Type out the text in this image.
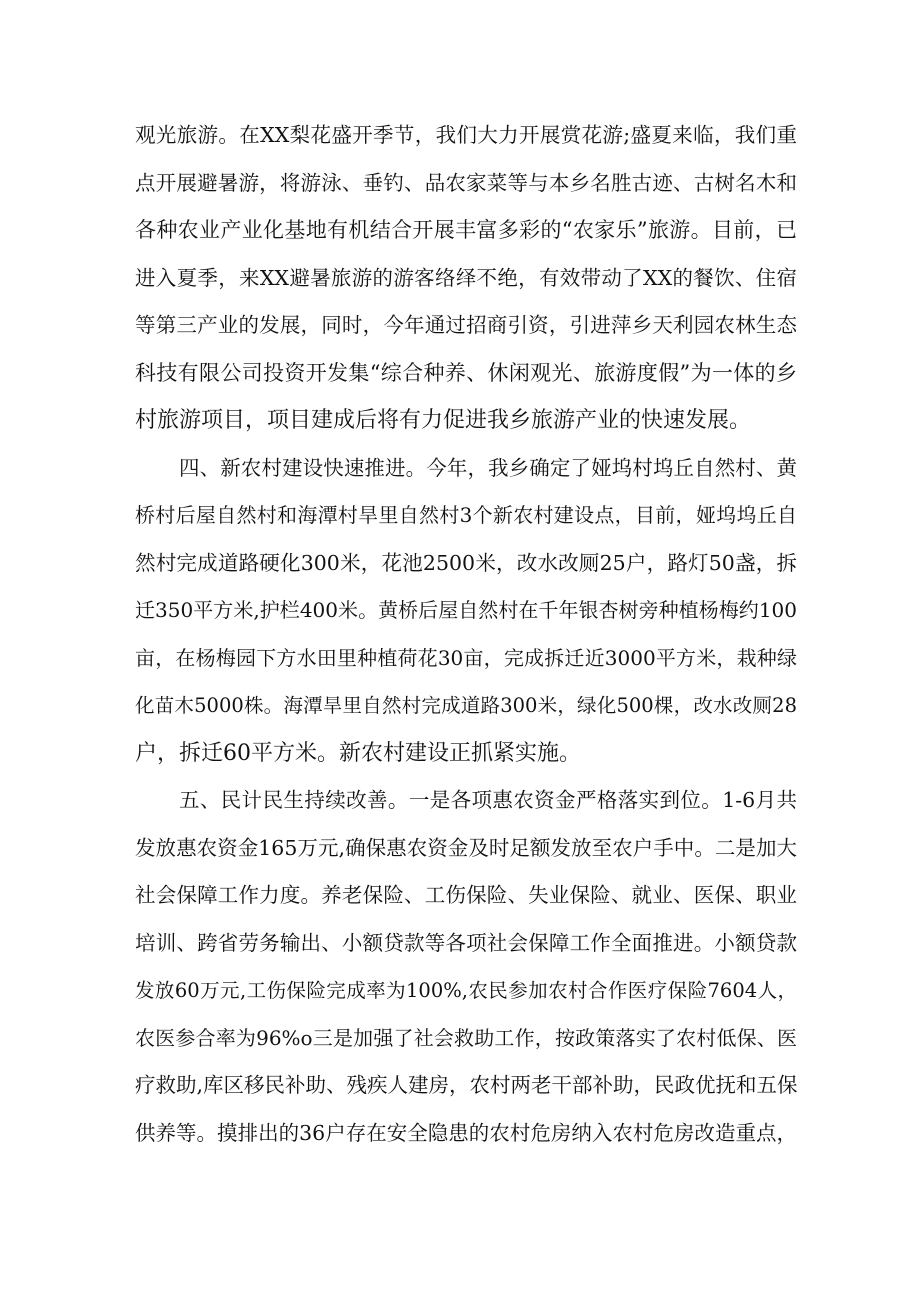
观光旅游。在XX梨花盛开季节，我们大力开展赏花游;盛夏来临，我们重
点开展避暑游，将游泳、垂钓、品农家菜等与本乡名胜古迹、古树名木和
各种农业产业化基地有机结合开展丰富多彩的“农家乐”旅游。目前，已
进入夏季，来XX避暑旅游的游客络绎不绝，有效带动了XX的餐饮、住宿
等第三产业的发展，同时，今年通过招商引资，引进萍乡天利园农林生态
科技有限公司投资开发集“综合种养、休闲观光、旅游度假”为一体的乡
村旅游项目，项目建成后将有力促进我乡旅游产业的快速发展。
四、新农村建设快速推进。今年，我乡确定了娅坞村坞丘自然村、黄
桥村后屋自然村和海潭村旱里自然村3个新农村建设点，目前，娅坞坞丘自
然村完成道路硬化300米，花池2500米，改水改厕25户，路灯50盏，拆
迁350平方米,护栏400米。黄桥后屋自然村在千年银杏树旁种植杨梅约100
亩，在杨梅园下方水田里种植荷花30亩，完成拆迁近3000平方米，栽种绿
化苗木5000株。海潭旱里自然村完成道路300米，绿化500棵，改水改厕28
户，拆迁60平方米。新农村建设正抓紧实施。
五、民计民生持续改善。一是各项惠农资金严格落实到位。1-6月共
发放惠农资金165万元,确保惠农资金及时足额发放至农户手中。二是加大
社会保障工作力度。养老保险、工伤保险、失业保险、就业、医保、职业
培训、跨省劳务输出、小额贷款等各项社会保障工作全面推进。小额贷款
发放60万元,工伤保险完成率为100%,农民参加农村合作医疗保险7604人，
农医参合率为96%o三是加强了社会救助工作，按政策落实了农村低保、医
疗救助,库区移民补助、残疾人建房，农村两老干部补助，民政优抚和五保
供养等。摸排出的36户存在安全隐患的农村危房纳入农村危房改造重点，
